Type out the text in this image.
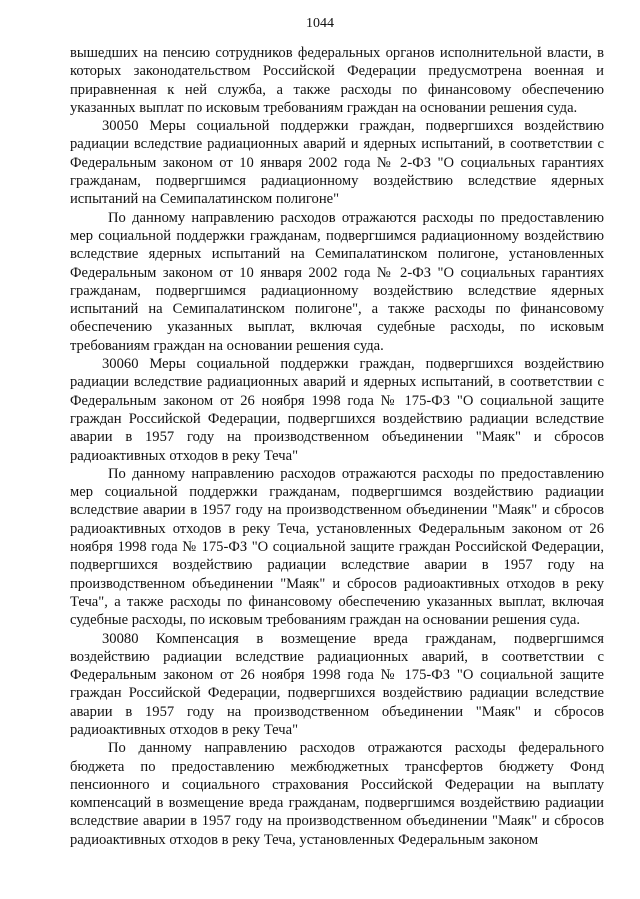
1044

вышедших на пенсию сотрудников федеральных органов исполнительной власти, в которых законодательством Российской Федерации предусмотрена военная и приравненная к ней служба, а также расходы по финансовому обеспечению указанных выплат по исковым требованиям граждан на основании решения суда.

30050 Меры социальной поддержки граждан, подвергшихся воздействию радиации вследствие радиационных аварий и ядерных испытаний, в соответствии с Федеральным законом от 10 января 2002 года № 2-ФЗ "О социальных гарантиях гражданам, подвергшимся радиационному воздействию вследствие ядерных испытаний на Семипалатинском полигоне"

По данному направлению расходов отражаются расходы по предоставлению мер социальной поддержки гражданам, подвергшимся радиационному воздействию вследствие ядерных испытаний на Семипалатинском полигоне, установленных Федеральным законом от 10 января 2002 года № 2-ФЗ "О социальных гарантиях гражданам, подвергшимся радиационному воздействию вследствие ядерных испытаний на Семипалатинском полигоне", а также расходы по финансовому обеспечению указанных выплат, включая судебные расходы, по исковым требованиям граждан на основании решения суда.

30060 Меры социальной поддержки граждан, подвергшихся воздействию радиации вследствие радиационных аварий и ядерных испытаний, в соответствии с Федеральным законом от 26 ноября 1998 года № 175-ФЗ "О социальной защите граждан Российской Федерации, подвергшихся воздействию радиации вследствие аварии в 1957 году на производственном объединении "Маяк" и сбросов радиоактивных отходов в реку Теча"

По данному направлению расходов отражаются расходы по предоставлению мер социальной поддержки гражданам, подвергшимся воздействию радиации вследствие аварии в 1957 году на производственном объединении "Маяк" и сбросов радиоактивных отходов в реку Теча, установленных Федеральным законом от 26 ноября 1998 года № 175-ФЗ "О социальной защите граждан Российской Федерации, подвергшихся воздействию радиации вследствие аварии в 1957 году на производственном объединении "Маяк" и сбросов радиоактивных отходов в реку Теча", а также расходы по финансовому обеспечению указанных выплат, включая судебные расходы, по исковым требованиям граждан на основании решения суда.

30080 Компенсация в возмещение вреда гражданам, подвергшимся воздействию радиации вследствие радиационных аварий, в соответствии с Федеральным законом от 26 ноября 1998 года № 175-ФЗ "О социальной защите граждан Российской Федерации, подвергшихся воздействию радиации вследствие аварии в 1957 году на производственном объединении "Маяк" и сбросов радиоактивных отходов в реку Теча"

По данному направлению расходов отражаются расходы федерального бюджета по предоставлению межбюджетных трансфертов бюджету Фонд пенсионного и социального страхования Российской Федерации на выплату компенсаций в возмещение вреда гражданам, подвергшимся воздействию радиации вследствие аварии в 1957 году на производственном объединении "Маяк" и сбросов радиоактивных отходов в реку Теча, установленных Федеральным законом
